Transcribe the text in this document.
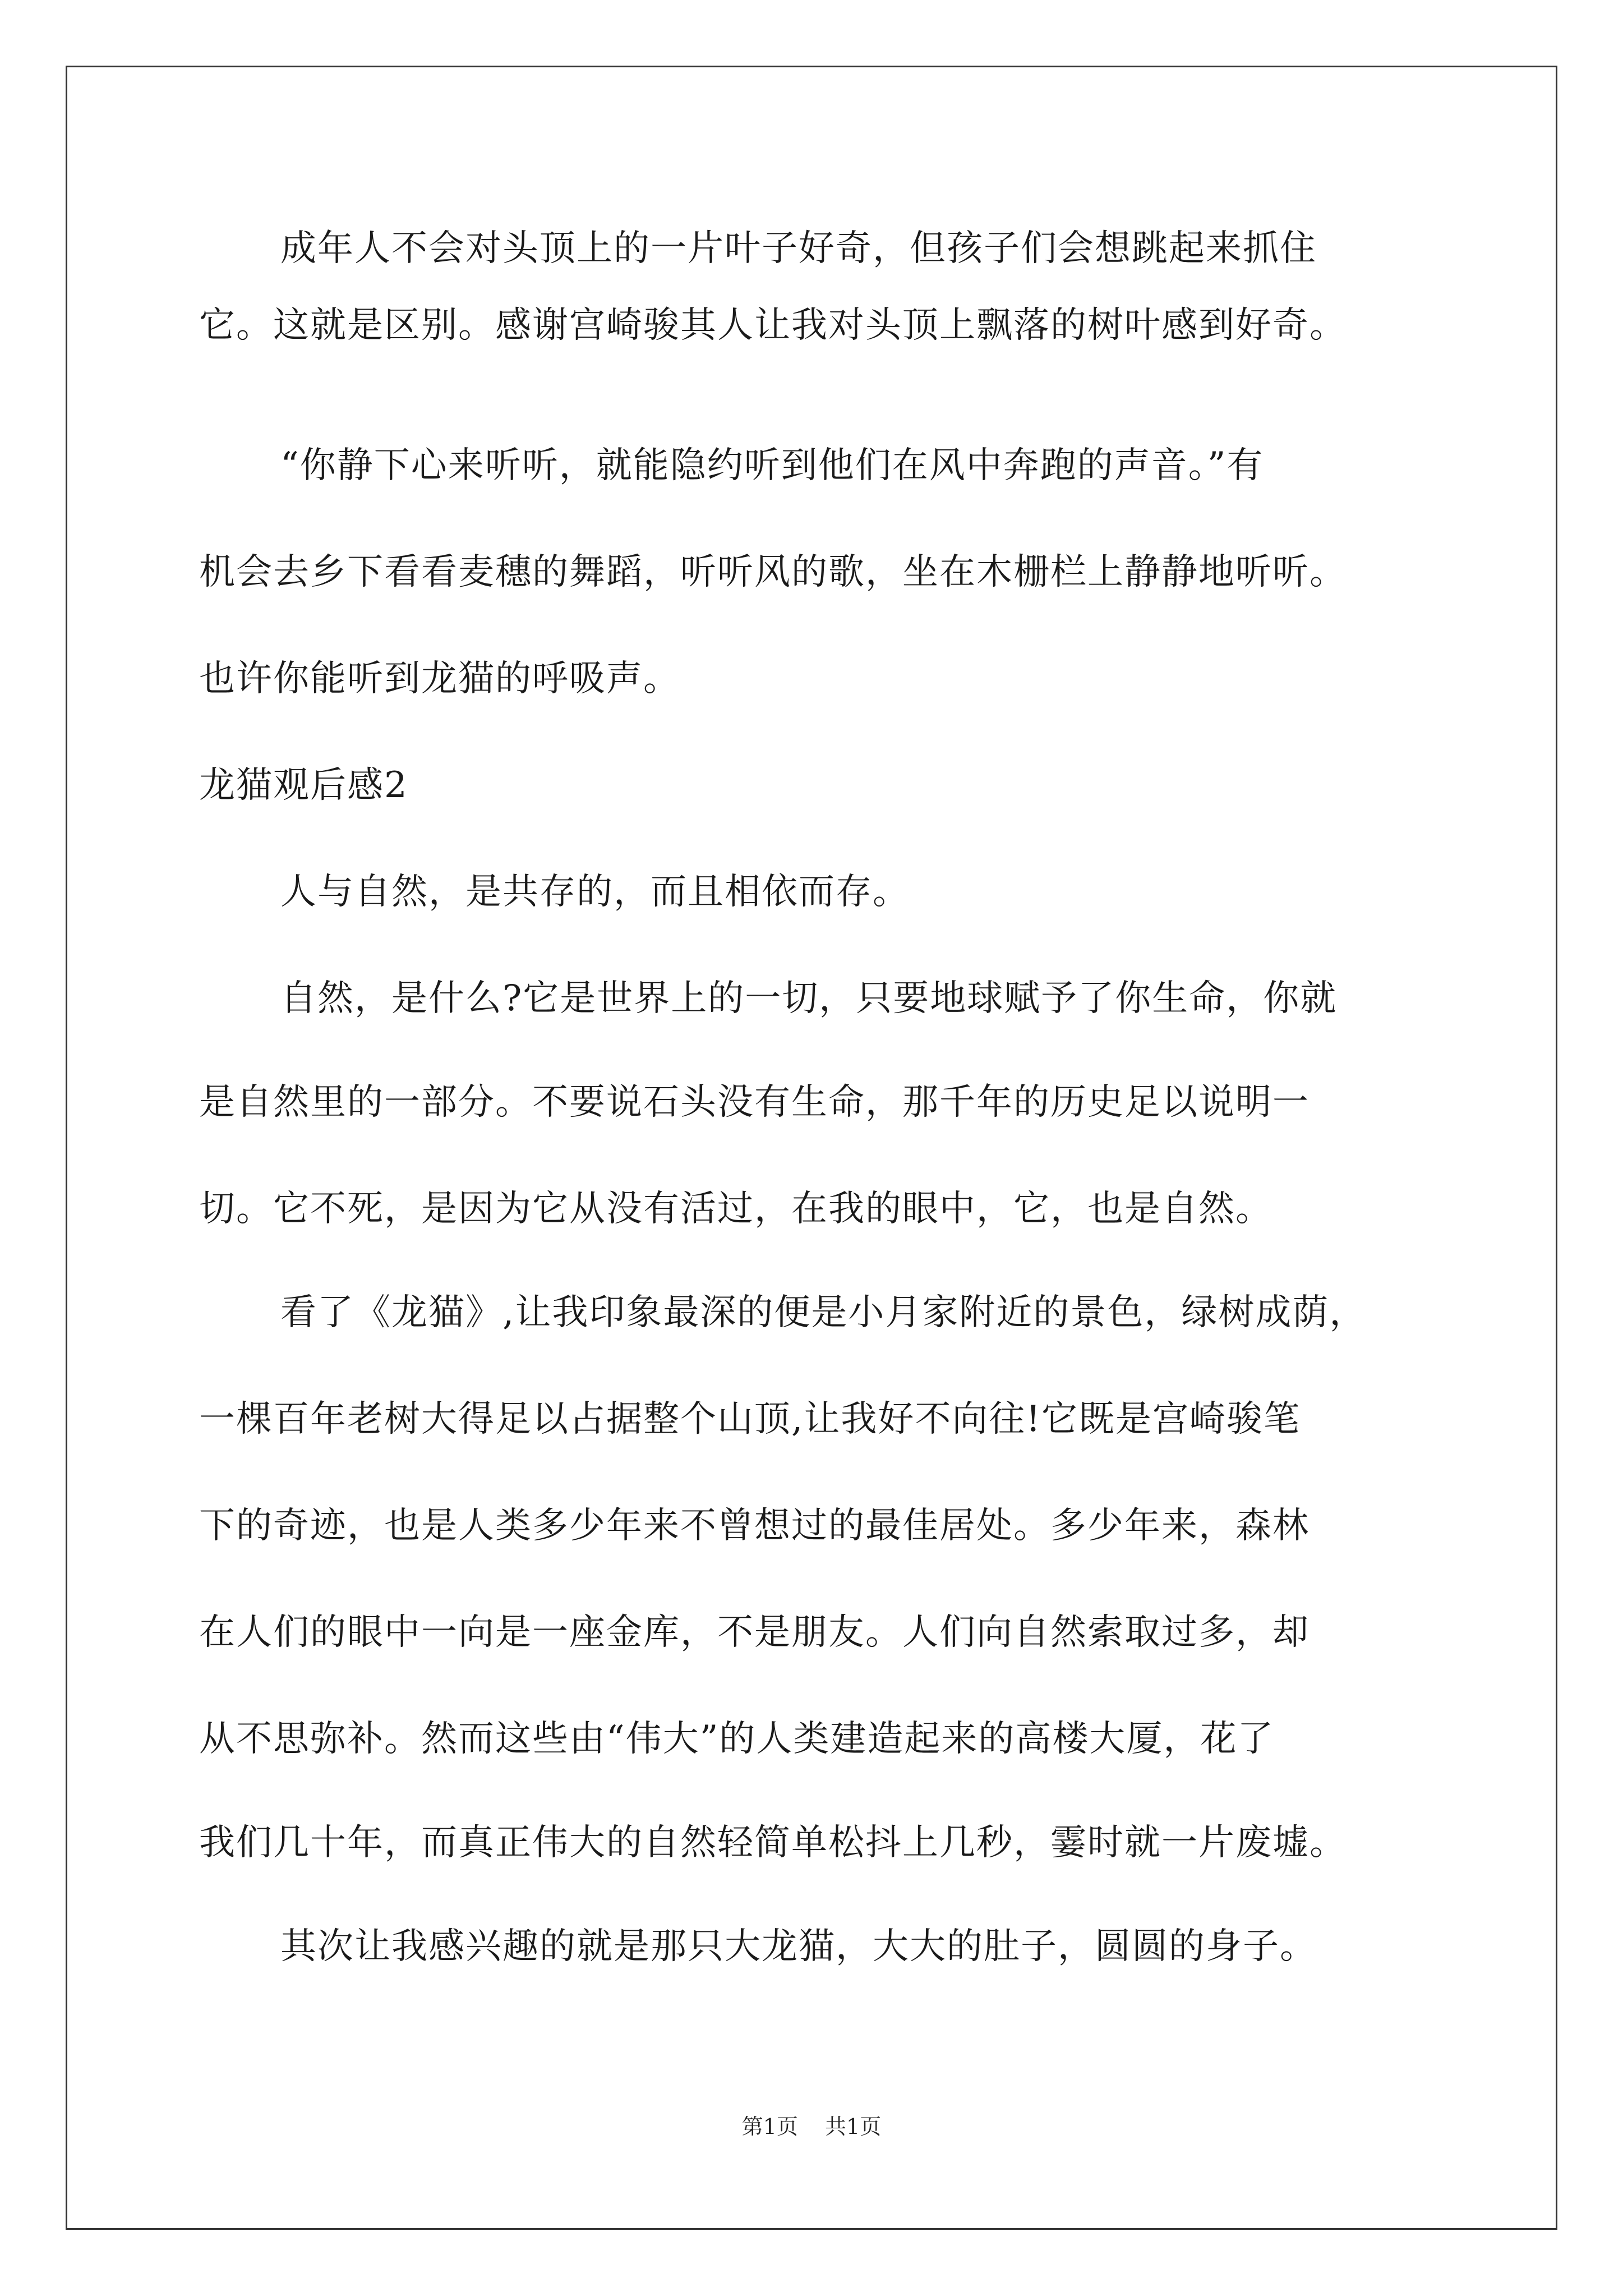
成年人不会对头顶上的一片叶子好奇，但孩子们会想跳起来抓住
它。这就是区别。感谢宫崎骏其人让我对头顶上飘落的树叶感到好奇。
“你静下心来听听，就能隐约听到他们在风中奔跑的声音。”有
机会去乡下看看麦穗的舞蹈，听听风的歌，坐在木栅栏上静静地听听。
也许你能听到龙猫的呼吸声。
龙猫观后感2
人与自然，是共存的，而且相依而存。
自然，是什么?它是世界上的一切，只要地球赋予了你生命，你就
是自然里的一部分。不要说石头没有生命，那千年的历史足以说明一
切。它不死，是因为它从没有活过，在我的眼中，它，也是自然。
看了《龙猫》,让我印象最深的便是小月家附近的景色，绿树成荫，
一棵百年老树大得足以占据整个山顶,让我好不向往!它既是宫崎骏笔
下的奇迹，也是人类多少年来不曾想过的最佳居处。多少年来，森林
在人们的眼中一向是一座金库，不是朋友。人们向自然索取过多，却
从不思弥补。然而这些由“伟大”的人类建造起来的高楼大厦，花了
我们几十年，而真正伟大的自然轻简单松抖上几秒，霎时就一片废墟。
其次让我感兴趣的就是那只大龙猫，大大的肚子，圆圆的身子。
第1页 共1页
